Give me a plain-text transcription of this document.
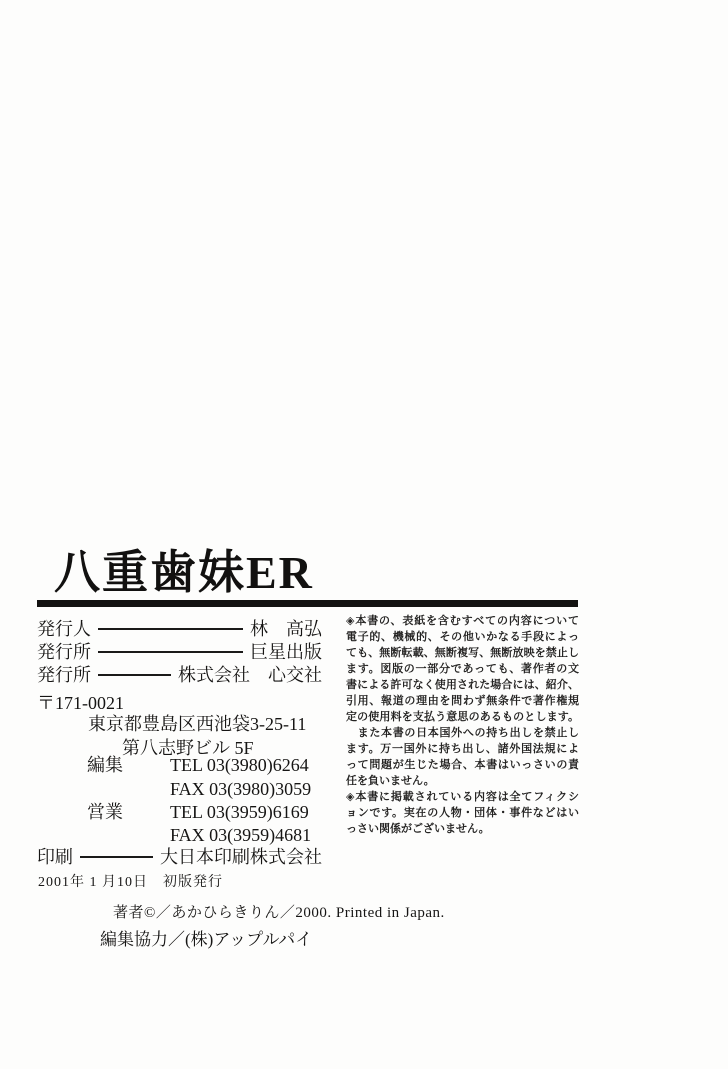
八重歯妹ER
発行人	林　高弘
発行所	巨星出版
発行所	株式会社　心交社
〒171-0021
東京都豊島区西池袋3-25-11
第八志野ビル 5F
編集	TEL 03(3980)6264
FAX 03(3980)3059
営業	TEL 03(3959)6169
FAX 03(3959)4681
印刷	大日本印刷株式会社
2001年 1 月10日　初版発行
著者©／あかひらきりん／2000. Printed in Japan.
編集協力／(株)アップルパイ
◈本書の、表紙を含むすべての内容について
電子的、機械的、その他いかなる手段によっ
ても、無断転載、無断複写、無断放映を禁止し
ます。図版の一部分であっても、著作者の文
書による許可なく使用された場合には、紹介、
引用、報道の理由を問わず無条件で著作権規
定の使用料を支払う意思のあるものとします。
　また本書の日本国外への持ち出しを禁止し
ます。万一国外に持ち出し、諸外国法規によ
って問題が生じた場合、本書はいっさいの責
任を負いません。
◈本書に掲載されている内容は全てフィクシ
ョンです。実在の人物・団体・事件などはい
っさい関係がございません。
